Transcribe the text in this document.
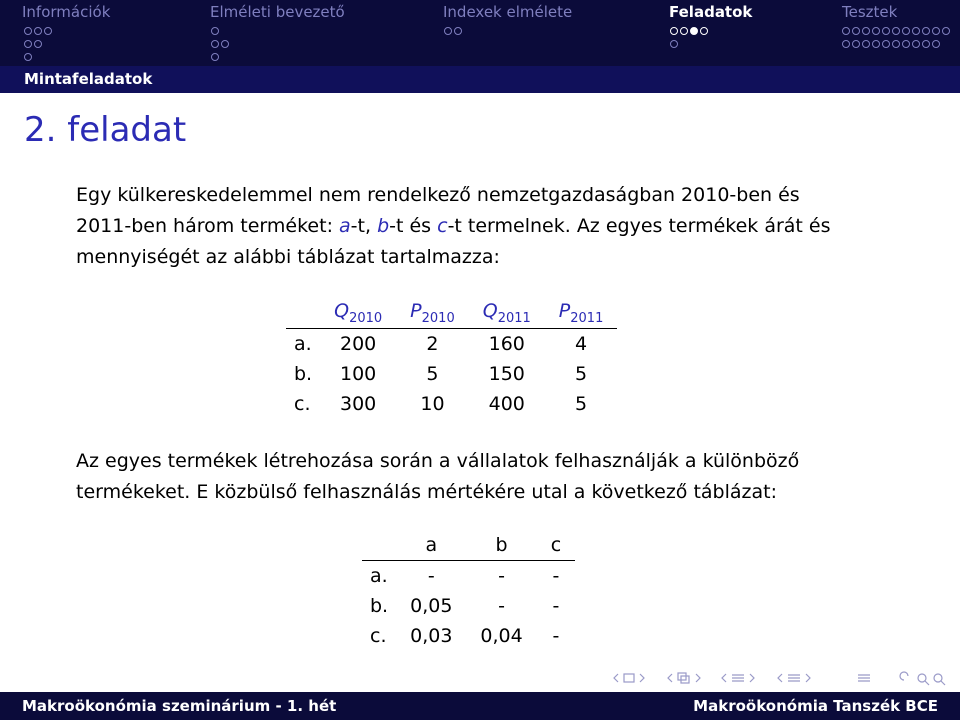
Információk	Elméleti bevezető	Indexek elmélete	Feladatok	Tesztek
Mintafeladatok
2. feladat
Egy külkereskedelemmel nem rendelkező nemzetgazdaságban 2010-ben és
2011-ben három terméket: a-t, b-t és c-t termelnek. Az egyes termékek árát és
mennyiségét az alábbi táblázat tartalmazza:
	$Q_{2010}$	$P_{2010}$	$Q_{2011}$	$P_{2011}$
a.	200	2	160	4
b.	100	5	150	5
c.	300	10	400	5
Az egyes termékek létrehozása során a vállalatok felhasználják a különböző
termékeket. E közbülső felhasználás mértékére utal a következő táblázat:
	a	b	c
a.	-	-	-
b.	0,05	-	-
c.	0,03	0,04	-
Makroökonómia szeminárium - 1. hét	Makroökonómia Tanszék BCE
